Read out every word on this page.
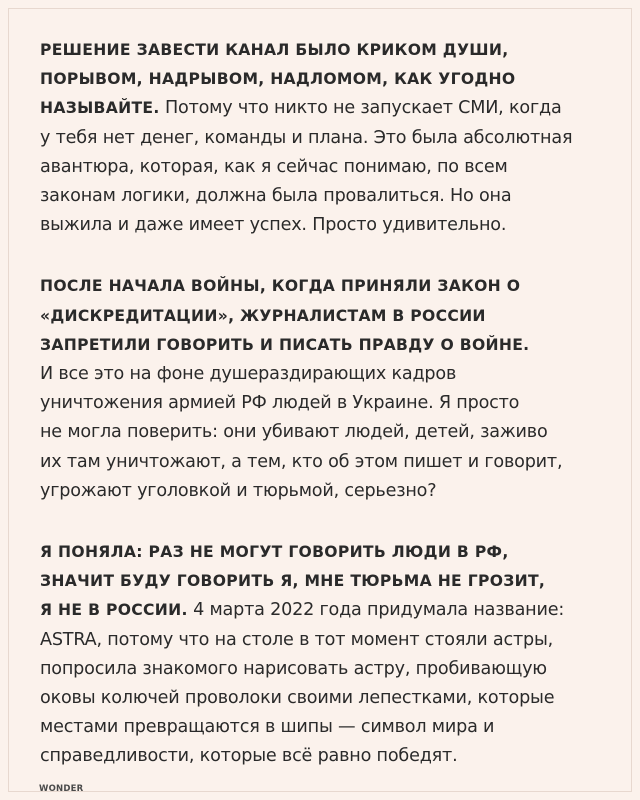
РЕШЕНИЕ ЗАВЕСТИ КАНАЛ БЫЛО КРИКОМ ДУШИ,
ПОРЫВОМ, НАДРЫВОМ, НАДЛОМОМ, КАК УГОДНО
НАЗЫВАЙТЕ. Потому что никто не запускает СМИ, когда
у тебя нет денег, команды и плана. Это была абсолютная
авантюра, которая, как я сейчас понимаю, по всем
законам логики, должна была провалиться. Но она
выжила и даже имеет успех. Просто удивительно.

ПОСЛЕ НАЧАЛА ВОЙНЫ, КОГДА ПРИНЯЛИ ЗАКОН О
«ДИСКРЕДИТАЦИИ», ЖУРНАЛИСТАМ В РОССИИ
ЗАПРЕТИЛИ ГОВОРИТЬ И ПИСАТЬ ПРАВДУ О ВОЙНЕ.
И все это на фоне душераздирающих кадров
уничтожения армией РФ людей в Украине. Я просто
не могла поверить: они убивают людей, детей, заживо
их там уничтожают, а тем, кто об этом пишет и говорит,
угрожают уголовкой и тюрьмой, серьезно?

Я ПОНЯЛА: РАЗ НЕ МОГУТ ГОВОРИТЬ ЛЮДИ В РФ,
ЗНАЧИТ БУДУ ГОВОРИТЬ Я, МНЕ ТЮРЬМА НЕ ГРОЗИТ,
Я НЕ В РОССИИ. 4 марта 2022 года придумала название:
ASTRA, потому что на столе в тот момент стояли астры,
попросила знакомого нарисовать астру, пробивающую
оковы колючей проволоки своими лепестками, которые
местами превращаются в шипы — символ мира и
справедливости, которые всё равно победят.

WONDER
